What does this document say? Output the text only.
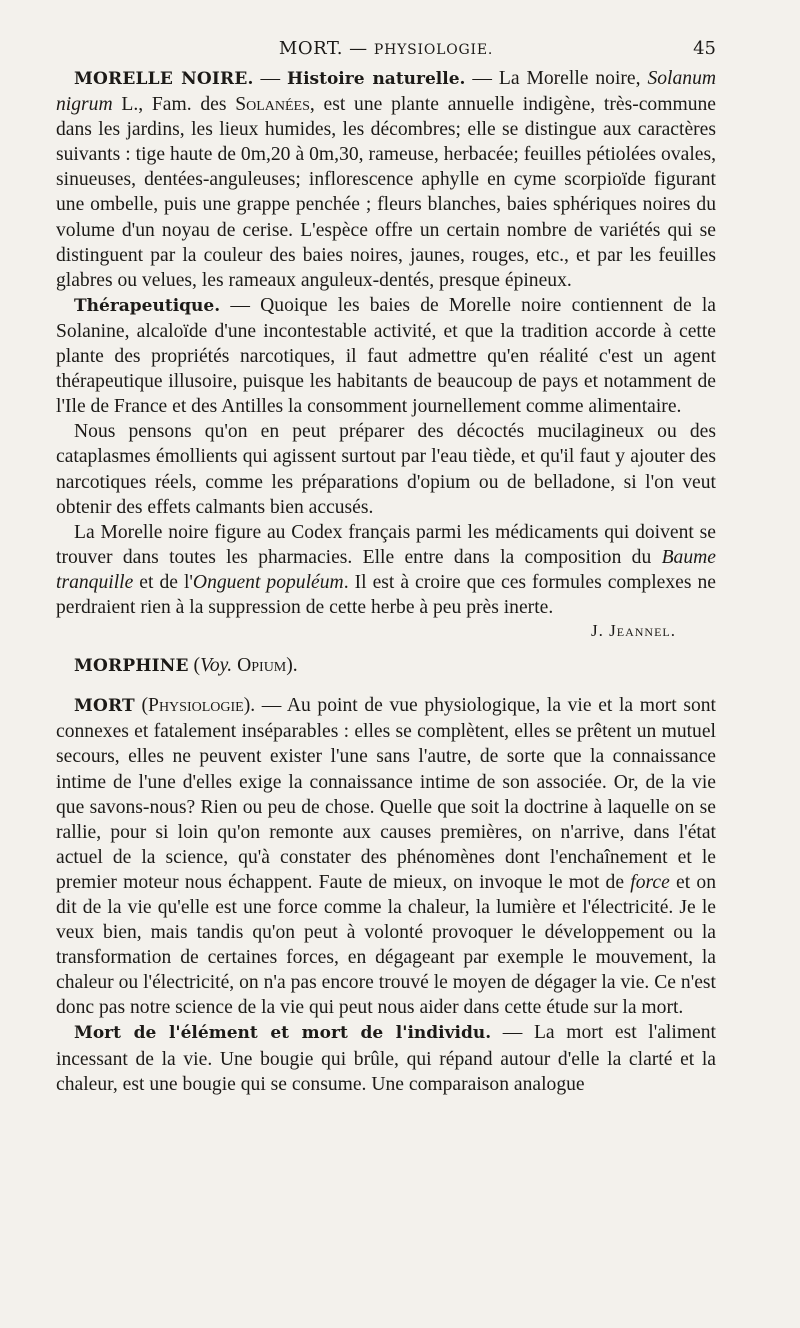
MORT. — PHYSIOLOGIE.	45

MORELLE NOIRE. — Histoire naturelle. — La Morelle noire, Solanum nigrum L., Fam. des Solanées, est une plante annuelle indigène, très-commune dans les jardins, les lieux humides, les décombres; elle se distingue aux caractères suivants : tige haute de 0m,20 à 0m,30, rameuse, herbacée; feuilles pétiolées ovales, sinueuses, dentées-anguleuses; inflorescence aphylle en cyme scorpioïde figurant une ombelle, puis une grappe penchée ; fleurs blanches, baies sphériques noires du volume d'un noyau de cerise. L'espèce offre un certain nombre de variétés qui se distinguent par la couleur des baies noires, jaunes, rouges, etc., et par les feuilles glabres ou velues, les rameaux anguleux-dentés, presque épineux.

Thérapeutique. — Quoique les baies de Morelle noire contiennent de la Solanine, alcaloïde d'une incontestable activité, et que la tradition accorde à cette plante des propriétés narcotiques, il faut admettre qu'en réalité c'est un agent thérapeutique illusoire, puisque les habitants de beaucoup de pays et notamment de l'Ile de France et des Antilles la consomment journellement comme alimentaire.

Nous pensons qu'on en peut préparer des décoctés mucilagineux ou des cataplasmes émollients qui agissent surtout par l'eau tiède, et qu'il faut y ajouter des narcotiques réels, comme les préparations d'opium ou de belladone, si l'on veut obtenir des effets calmants bien accusés.

La Morelle noire figure au Codex français parmi les médicaments qui doivent se trouver dans toutes les pharmacies. Elle entre dans la composition du Baume tranquille et de l'Onguent populéum. Il est à croire que ces formules complexes ne perdraient rien à la suppression de cette herbe à peu près inerte.

J. Jeannel.

MORPHINE (Voy. Opium).

MORT (Physiologie). — Au point de vue physiologique, la vie et la mort sont connexes et fatalement inséparables : elles se complètent, elles se prêtent un mutuel secours, elles ne peuvent exister l'une sans l'autre, de sorte que la connaissance intime de l'une d'elles exige la connaissance intime de son associée. Or, de la vie que savons-nous? Rien ou peu de chose. Quelle que soit la doctrine à laquelle on se rallie, pour si loin qu'on remonte aux causes premières, on n'arrive, dans l'état actuel de la science, qu'à constater des phénomènes dont l'enchaînement et le premier moteur nous échappent. Faute de mieux, on invoque le mot de force et on dit de la vie qu'elle est une force comme la chaleur, la lumière et l'électricité. Je le veux bien, mais tandis qu'on peut à volonté provoquer le développement ou la transformation de certaines forces, en dégageant par exemple le mouvement, la chaleur ou l'électricité, on n'a pas encore trouvé le moyen de dégager la vie. Ce n'est donc pas notre science de la vie qui peut nous aider dans cette étude sur la mort.

Mort de l'élément et mort de l'individu. — La mort est l'aliment incessant de la vie. Une bougie qui brûle, qui répand autour d'elle la clarté et la chaleur, est une bougie qui se consume. Une comparaison analogue
